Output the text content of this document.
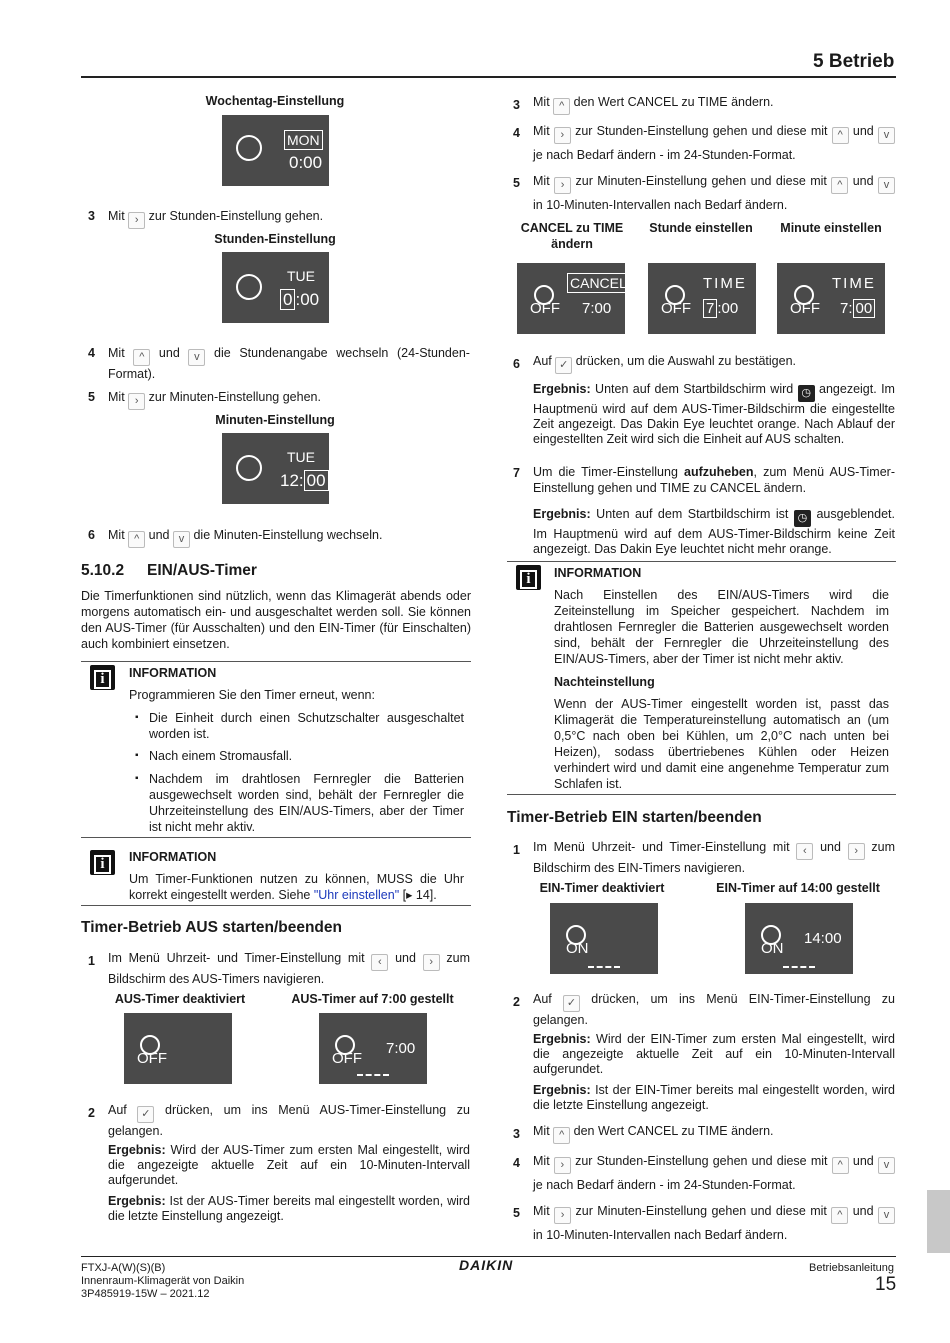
5 Betrieb
Wochentag-Einstellung
MON
0:00
3 Mit › zur Stunden-Einstellung gehen.
Stunden-Einstellung
TUE
0 :00
4 Mit ^ und v die Stundenangabe wechseln (24-Stunden-Format).
5 Mit › zur Minuten-Einstellung gehen.
Minuten-Einstellung
TUE
12: 00
6 Mit ^ und v die Minuten-Einstellung wechseln.
5.10.2 EIN/AUS-Timer
Die Timerfunktionen sind nützlich, wenn das Klimagerät abends oder morgens automatisch ein- und ausgeschaltet werden soll. Sie können den AUS-Timer (für Ausschalten) und den EIN-Timer (für Einschalten) auch kombiniert einsetzen.
i	INFORMATION
Programmieren Sie den Timer erneut, wenn:
▪ Die Einheit durch einen Schutzschalter ausgeschaltet worden ist.
▪ Nach einem Stromausfall.
▪ Nachdem im drahtlosen Fernregler die Batterien ausgewechselt worden sind, behält der Fernregler die Uhrzeiteinstellung des EIN/AUS-Timers, aber der Timer ist nicht mehr aktiv.
i	INFORMATION
Um Timer-Funktionen nutzen zu können, MUSS die Uhr korrekt eingestellt werden. Siehe "Uhr einstellen" [▸ 14].
Timer-Betrieb AUS starten/beenden
1 Im Menü Uhrzeit- und Timer-Einstellung mit ‹ und › zum Bildschirm des AUS-Timers navigieren.
AUS-Timer deaktiviert	AUS-Timer auf 7:00 gestellt
OFF	OFF
7:00
2 Auf ✓ drücken, um ins Menü AUS-Timer-Einstellung zu gelangen.
Ergebnis: Wird der AUS-Timer zum ersten Mal eingestellt, wird die angezeigte aktuelle Zeit auf ein 10-Minuten-Intervall aufgerundet.
Ergebnis: Ist der AUS-Timer bereits mal eingestellt worden, wird die letzte Einstellung angezeigt.
3 Mit ^ den Wert CANCEL zu TIME ändern.
4 Mit › zur Stunden-Einstellung gehen und diese mit ^ und v je nach Bedarf ändern - im 24-Stunden-Format.
5 Mit › zur Minuten-Einstellung gehen und diese mit ^ und v in 10-Minuten-Intervallen nach Bedarf ändern.
CANCEL zu TIME ändern
Stunde einstellen	Minute einstellen
CANCEL
OFF 7:00
TIME
OFF 7 :00
TIME
OFF 7: 00
6 Auf ✓ drücken, um die Auswahl zu bestätigen.
Ergebnis: Unten auf dem Startbildschirm wird ◷ angezeigt. Im Hauptmenü wird auf dem AUS-Timer-Bildschirm die eingestellte Zeit angezeigt. Das Dakin Eye leuchtet orange. Nach Ablauf der eingestellten Zeit wird sich die Einheit auf AUS schalten.
7 Um die Timer-Einstellung aufzuheben, zum Menü AUS-Timer-Einstellung gehen und TIME zu CANCEL ändern.
Ergebnis: Unten auf dem Startbildschirm ist ◷ ausgeblendet. Im Hauptmenü wird auf dem AUS-Timer-Bildschirm keine Zeit angezeigt. Das Dakin Eye leuchtet nicht mehr orange.
i	INFORMATION
Nach Einstellen des EIN/AUS-Timers wird die Zeiteinstellung im Speicher gespeichert. Nachdem im drahtlosen Fernregler die Batterien ausgewechselt worden sind, behält der Fernregler die Uhrzeiteinstellung des EIN/AUS-Timers, aber der Timer ist nicht mehr aktiv.
Nachteinstellung
Wenn der AUS-Timer eingestellt worden ist, passt das Klimagerät die Temperatureinstellung automatisch an (um 0,5°C nach oben bei Kühlen, um 2,0°C nach unten bei Heizen), sodass übertriebenes Kühlen oder Heizen verhindert wird und damit eine angenehme Temperatur zum Schlafen ist.
Timer-Betrieb EIN starten/beenden
1 Im Menü Uhrzeit- und Timer-Einstellung mit ‹ und › zum Bildschirm des EIN-Timers navigieren.
EIN-Timer deaktiviert	EIN-Timer auf 14:00 gestellt
ON	ON
14:00
2 Auf ✓ drücken, um ins Menü EIN-Timer-Einstellung zu gelangen.
Ergebnis: Wird der EIN-Timer zum ersten Mal eingestellt, wird die angezeigte aktuelle Zeit auf ein 10-Minuten-Intervall aufgerundet.
Ergebnis: Ist der EIN-Timer bereits mal eingestellt worden, wird die letzte Einstellung angezeigt.
3 Mit ^ den Wert CANCEL zu TIME ändern.
4 Mit › zur Stunden-Einstellung gehen und diese mit ^ und v je nach Bedarf ändern - im 24-Stunden-Format.
5 Mit › zur Minuten-Einstellung gehen und diese mit ^ und v in 10-Minuten-Intervallen nach Bedarf ändern.
FTXJ-A(W)(S)(B)
Innenraum-Klimagerät von Daikin
3P485919-15W – 2021.12
DAIKIN	Betriebsanleitung
15
